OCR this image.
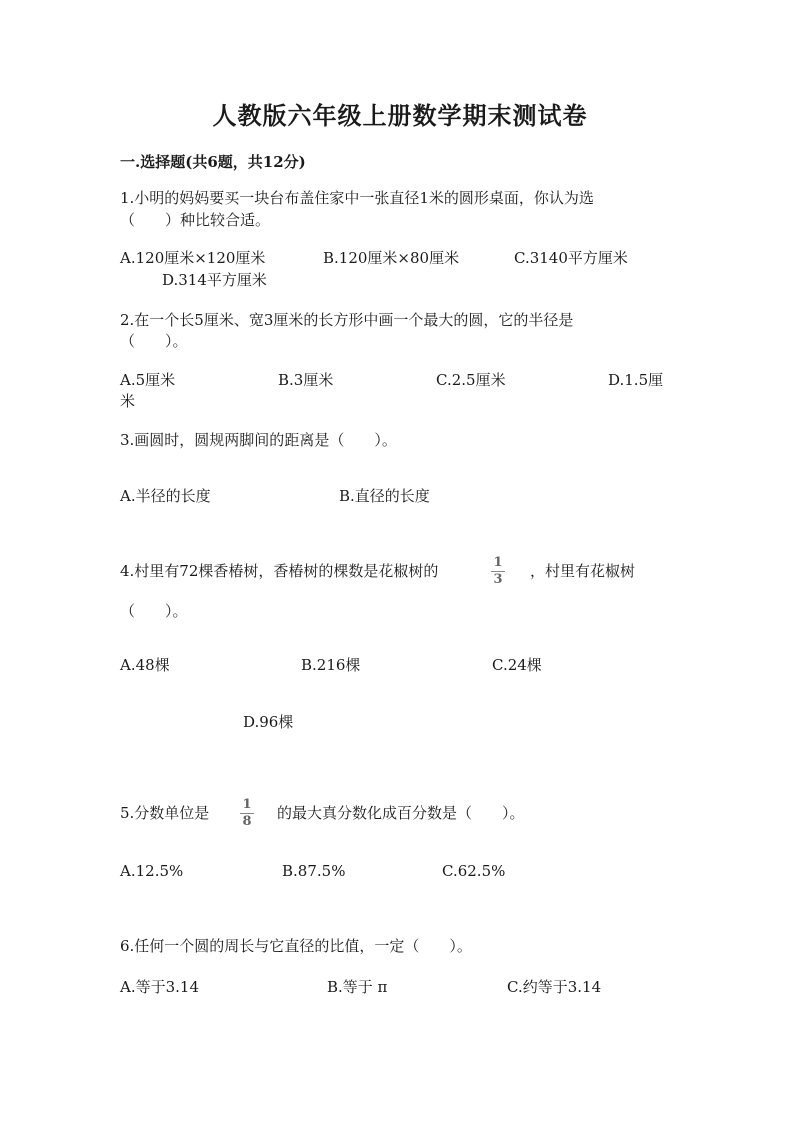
人教版六年级上册数学期末测试卷
一.选择题(共6题，共12分)
1.小明的妈妈要买一块台布盖住家中一张直径1米的圆形桌面，你认为选
（　　）种比较合适。
A.120厘米×120厘米	B.120厘米×80厘米	C.3140平方厘米
D.314平方厘米
2.在一个长5厘米、宽3厘米的长方形中画一个最大的圆，它的半径是
（　　）。
A.5厘米	B.3厘米	C.2.5厘米	D.1.5厘
米
3.画圆时，圆规两脚间的距离是（　　）。
A.半径的长度	B.直径的长度
4.村里有72棵香椿树，香椿树的棵数是花椒树的	1
3 ，村里有花椒树
（　　）。
A.48棵	B.216棵	C.24棵
D.96棵
5.分数单位是	1
8 的最大真分数化成百分数是（　　）。
A.12.5%	B.87.5%	C.62.5%
6.任何一个圆的周长与它直径的比值，一定（　　）。
A.等于3.14	B.等于 π	C.约等于3.14
